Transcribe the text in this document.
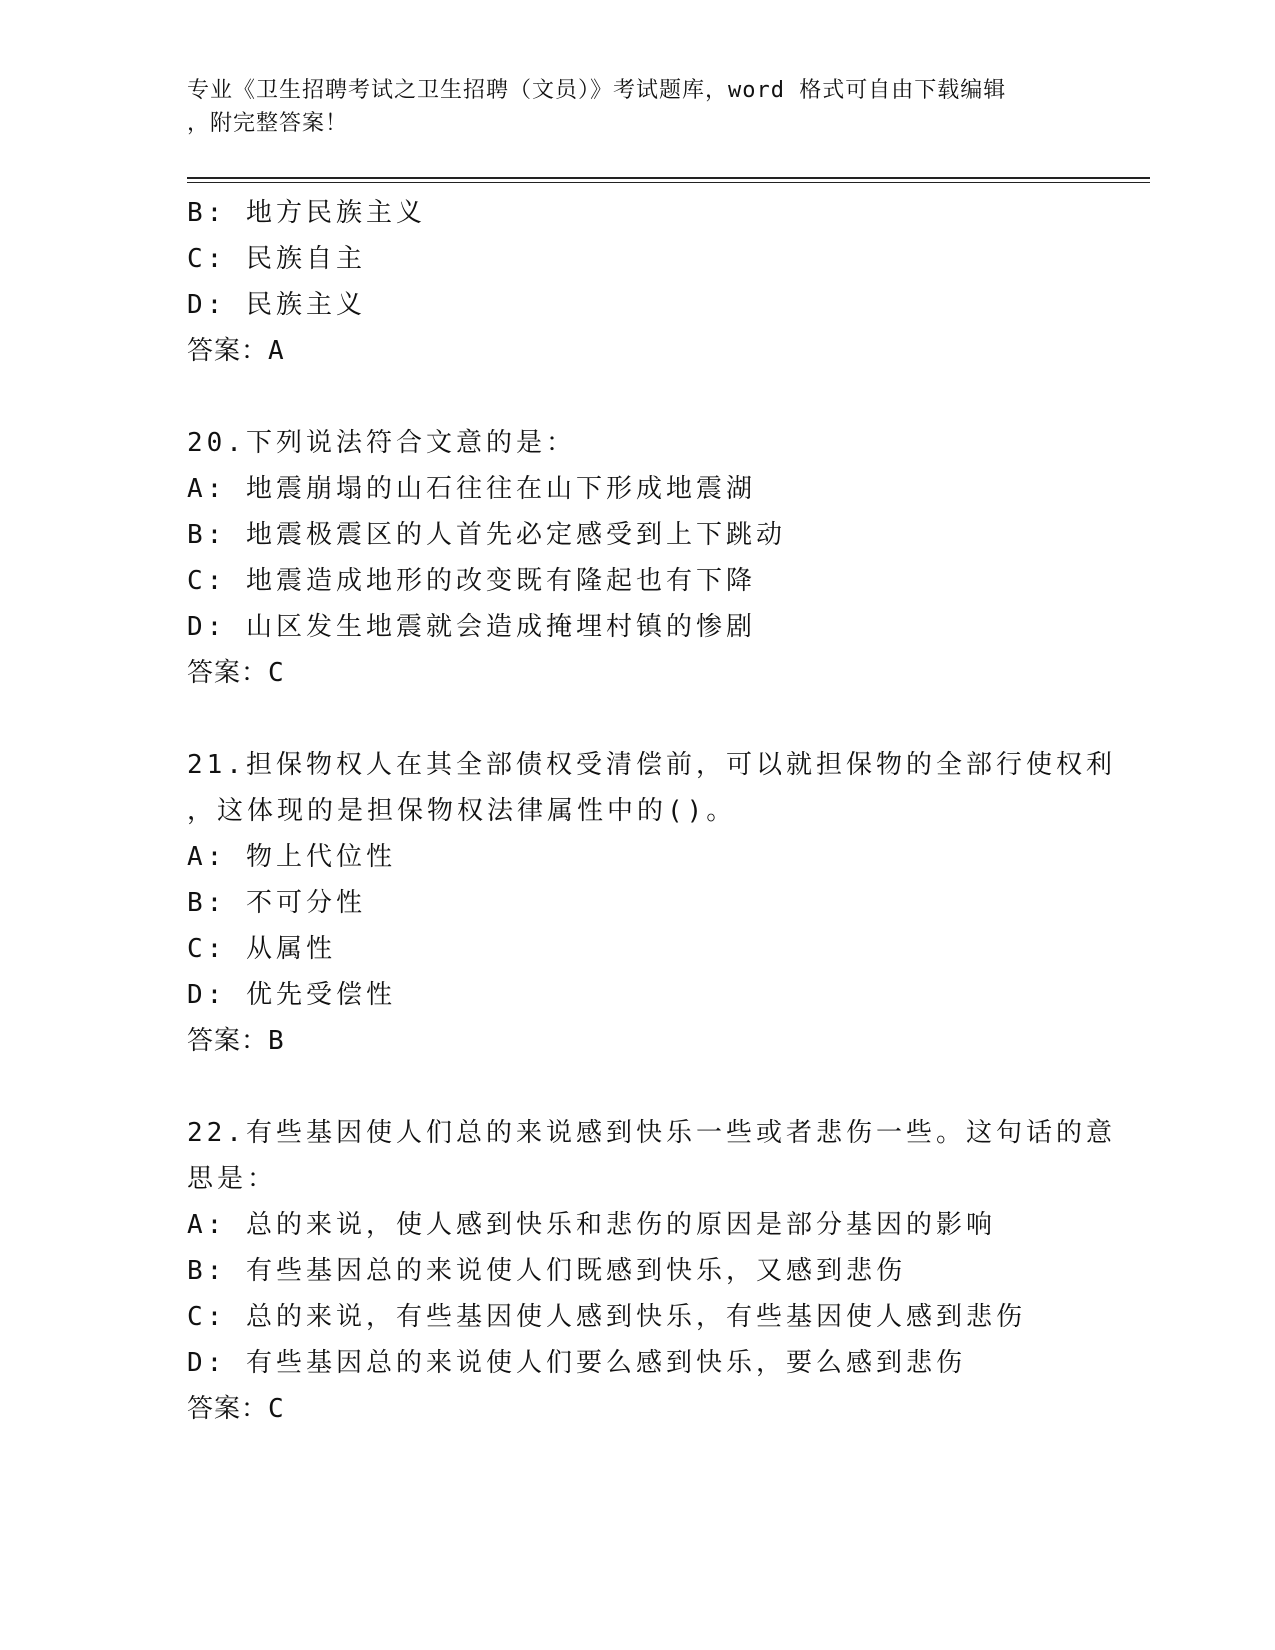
专业《卫生招聘考试之卫生招聘（文员）》考试题库，word 格式可自由下载编辑
，附完整答案！
B: 地方民族主义
C: 民族自主
D: 民族主义
答案：A
20.下列说法符合文意的是：
A: 地震崩塌的山石往往在山下形成地震湖
B: 地震极震区的人首先必定感受到上下跳动
C: 地震造成地形的改变既有隆起也有下降
D: 山区发生地震就会造成掩埋村镇的惨剧
答案：C
21.担保物权人在其全部债权受清偿前，可以就担保物的全部行使权利
，这体现的是担保物权法律属性中的()。
A: 物上代位性
B: 不可分性
C: 从属性
D: 优先受偿性
答案：B
22.有些基因使人们总的来说感到快乐一些或者悲伤一些。这句话的意
思是：
A: 总的来说，使人感到快乐和悲伤的原因是部分基因的影响
B: 有些基因总的来说使人们既感到快乐，又感到悲伤
C: 总的来说，有些基因使人感到快乐，有些基因使人感到悲伤
D: 有些基因总的来说使人们要么感到快乐，要么感到悲伤
答案：C
